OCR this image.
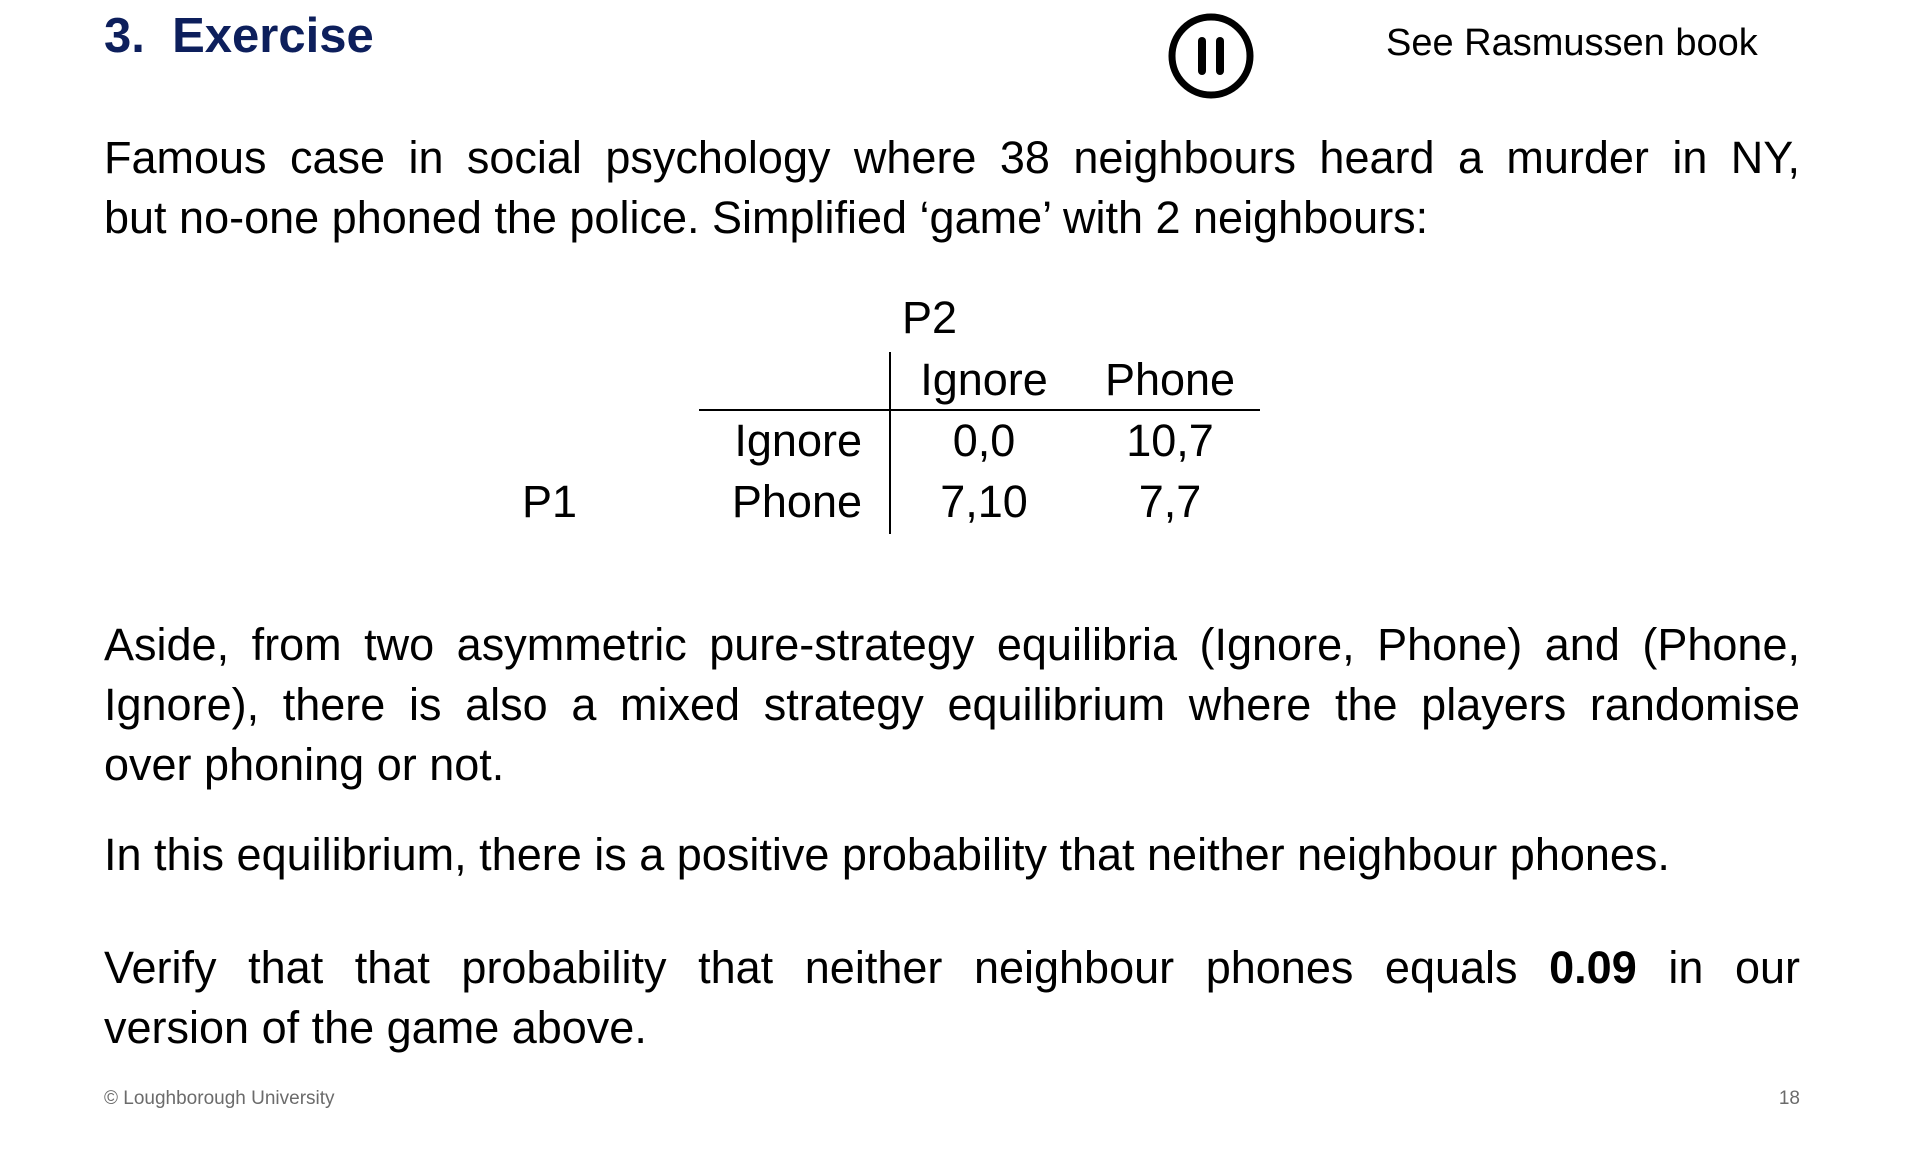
3.  Exercise	See Rasmussen book

Famous case in social psychology where 38 neighbours heard a murder in NY,
but no-one phoned the police. Simplified ‘game’ with 2 neighbours:

P2
Ignore Phone
Ignore 0,0 10,7
P1	Phone 7,10 7,7

Aside, from two asymmetric pure-strategy equilibria (Ignore, Phone) and (Phone,
Ignore), there is also a mixed strategy equilibrium where the players randomise
over phoning or not.

In this equilibrium, there is a positive probability that neither neighbour phones.

Verify that that probability that neither neighbour phones equals 0.09 in our
version of the game above.

© Loughborough University	18
